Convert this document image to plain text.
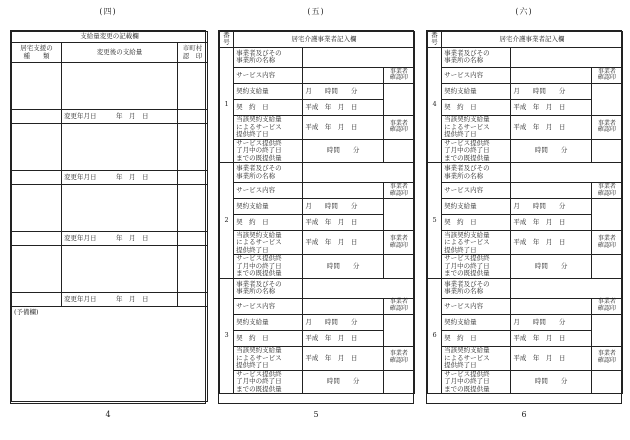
(四)
支給量変更の記載欄		

居宅支援の
種　　類	変更後の支給量	市町村
認　印

	変更年月日　　　年　月　日	

	変更年月日　　　年　月　日	

	変更年月日　　　年　月　日	

	変更年月日　　　年　月　日	
(予備欄)		
4
(五)
番号	居宅介護事業者記入欄		
1	事業者及びその
事業所の名称		

	サービス内容		事業者
確認印

	契約支給量	月　　時間　　分	
	契　約　日	平成　年　月　日	

	当該契約支給量
によるサービス
提供終了日	平成　年　月　日	事業者
確認印

	サービス提供終
了月中の終了日
までの既提供量	時間　　分	
2	事業者及びその
事業所の名称		

	サービス内容		事業者
確認印

	契約支給量	月　　時間　　分	
	契　約　日	平成　年　月　日	

	当該契約支給量
によるサービス
提供終了日	平成　年　月　日	事業者
確認印

	サービス提供終
了月中の終了日
までの既提供量	時間　　分	
3	事業者及びその
事業所の名称		

	サービス内容		事業者
確認印

	契約支給量	月　　時間　　分	
	契　約　日	平成　年　月　日	

	当該契約支給量
によるサービス
提供終了日	平成　年　月　日	事業者
確認印

	サービス提供終
了月中の終了日
までの既提供量	時間　　分	
5
(六)
番号	居宅介護事業者記入欄		
4	事業者及びその
事業所の名称		

	サービス内容		事業者
確認印

	契約支給量	月　　時間　　分	
	契　約　日	平成　年　月　日	

	当該契約支給量
によるサービス
提供終了日	平成　年　月　日	事業者
確認印

	サービス提供終
了月中の終了日
までの既提供量	時間　　分	
5	事業者及びその
事業所の名称		

	サービス内容		事業者
確認印

	契約支給量	月　　時間　　分	
	契　約　日	平成　年　月　日	

	当該契約支給量
によるサービス
提供終了日	平成　年　月　日	事業者
確認印

	サービス提供終
了月中の終了日
までの既提供量	時間　　分	
6	事業者及びその
事業所の名称		

	サービス内容		事業者
確認印

	契約支給量	月　　時間　　分	
	契　約　日	平成　年　月　日	

	当該契約支給量
によるサービス
提供終了日	平成　年　月　日	事業者
確認印

	サービス提供終
了月中の終了日
までの既提供量	時間　　分	
6
